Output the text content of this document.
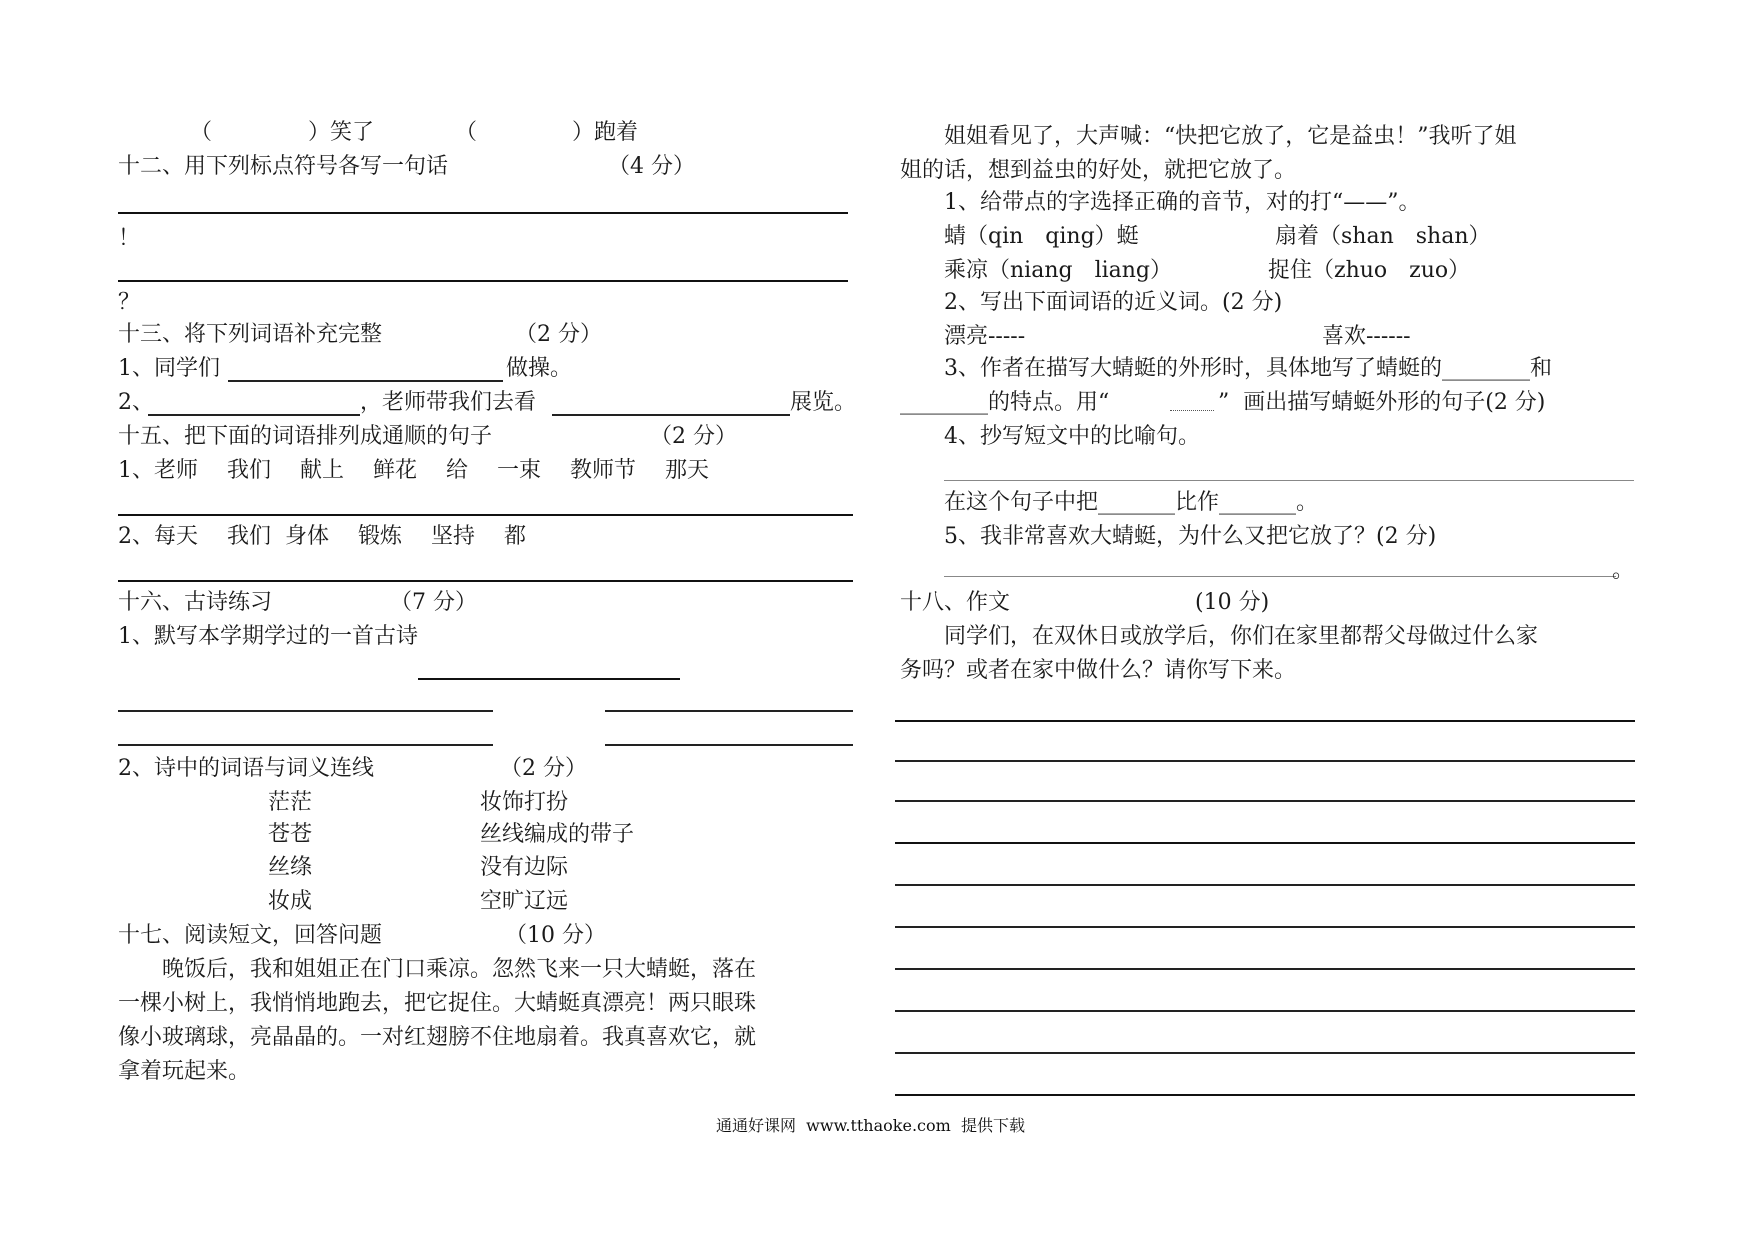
（	）笑了	（	）跑着
十二、用下列标点符号各写一句话	（4 分）
！
？
十三、将下列词语补充完整	（2 分）
1、同学们	做操。
2、	，老师带我们去看	展览。
十五、把下面的词语排列成通顺的句子	（2 分）
1、老师　 我们　 献上　 鲜花　 给　 一束　 教师节　 那天
2、每天　 我们  身体　 锻炼　 坚持　 都
十六、古诗练习	（7 分）
1、默写本学期学过的一首古诗
2、诗中的词语与词义连线	（2 分）
茫茫	妆饰打扮
苍苍	丝线编成的带子
丝绦	没有边际
妆成	空旷辽远
十七、阅读短文，回答问题	（10 分）
　　晚饭后，我和姐姐正在门口乘凉。忽然飞来一只大蜻蜓，落在
一棵小树上，我悄悄地跑去，把它捉住。大蜻蜓真漂亮！两只眼珠
像小玻璃球，亮晶晶的。一对红翅膀不住地扇着。我真喜欢它，就
拿着玩起来。
　　姐姐看见了，大声喊：“快把它放了，它是益虫！”我听了姐
姐的话，想到益虫的好处，就把它放了。
　　1、给带点的字选择正确的音节，对的打“——”。
蜻（qin　qing）蜓	扇着（shan　shan）
乘凉（niang　liang）	捉住（zhuo　zuo）
　　2、写出下面词语的近义词。(2 分)
漂亮-----	喜欢------
　　3、作者在描写大蜻蜓的外形时，具体地写了蜻蜓的________和
________的特点。用“	”  画出描写蜻蜓外形的句子(2 分)
　　4、抄写短文中的比喻句。
　　在这个句子中把_______比作_______。
　　5、我非常喜欢大蜻蜓，为什么又把它放了？(2 分)
。
十八、作文	(10 分)
　　同学们，在双休日或放学后，你们在家里都帮父母做过什么家
务吗？或者在家中做什么？请你写下来。
通通好课网  www.tthaoke.com  提供下载
